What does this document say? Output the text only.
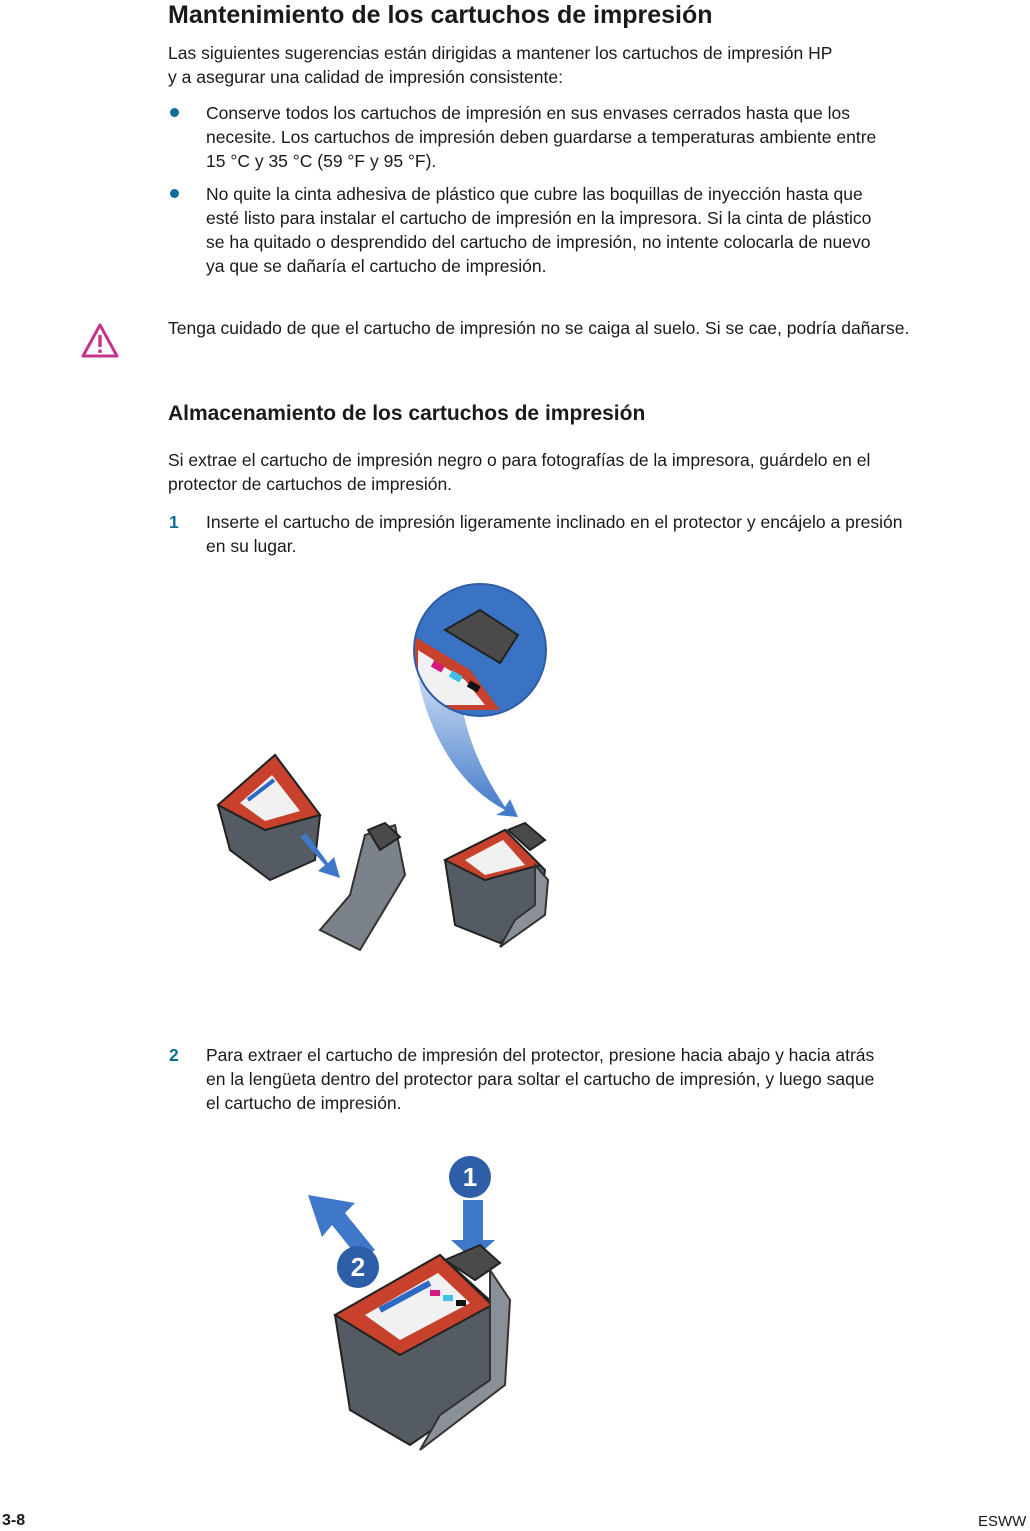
Mantenimiento de los cartuchos de impresión
Las siguientes sugerencias están dirigidas a mantener los cartuchos de impresión HP
y a asegurar una calidad de impresión consistente:
Conserve todos los cartuchos de impresión en sus envases cerrados hasta que los
necesite. Los cartuchos de impresión deben guardarse a temperaturas ambiente entre
15 °C y 35 °C (59 °F y 95 °F).
No quite la cinta adhesiva de plástico que cubre las boquillas de inyección hasta que
esté listo para instalar el cartucho de impresión en la impresora. Si la cinta de plástico
se ha quitado o desprendido del cartucho de impresión, no intente colocarla de nuevo
ya que se dañaría el cartucho de impresión.
Tenga cuidado de que el cartucho de impresión no se caiga al suelo. Si se cae, podría dañarse.
Almacenamiento de los cartuchos de impresión
Si extrae el cartucho de impresión negro o para fotografías de la impresora, guárdelo en el
protector de cartuchos de impresión.
1 Inserte el cartucho de impresión ligeramente inclinado en el protector y encájelo a presión
en su lugar.
2 Para extraer el cartucho de impresión del protector, presione hacia abajo y hacia atrás
en la lengüeta dentro del protector para soltar el cartucho de impresión, y luego saque
el cartucho de impresión.
1
2
3-8	ESWW
